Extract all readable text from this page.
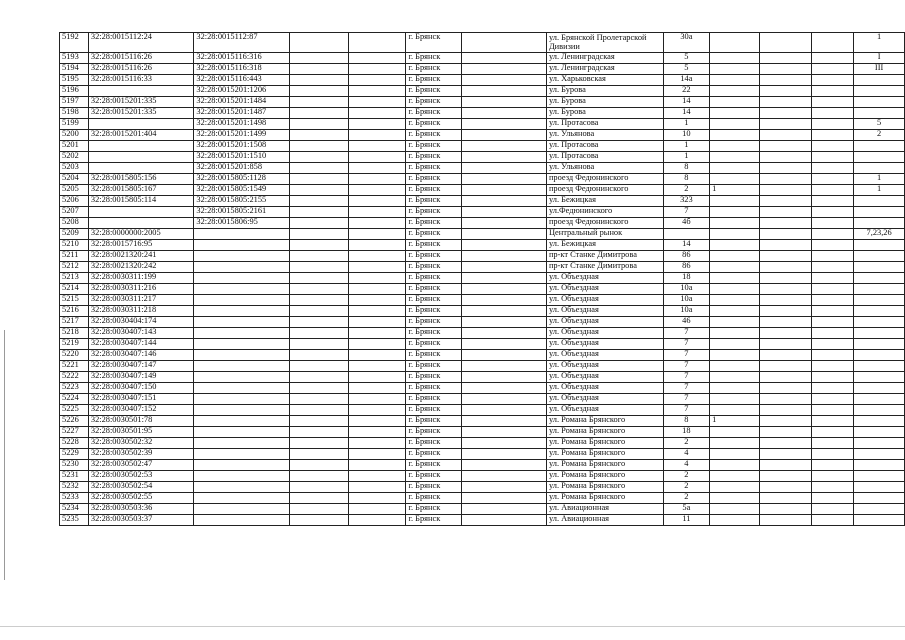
5192	32:28:0015112:24	32:28:0015112:87			г. Брянск		ул. Брянской Пролетарской Дивизии	30а				1
5193	32:28:0015116:26	32:28:0015116:316			г. Брянск		ул. Ленинградская	5				I
5194	32:28:0015116:26	32:28:0015116:318			г. Брянск		ул. Ленинградская	5				III
5195	32:28:0015116:33	32:28:0015116:443			г. Брянск		ул. Харьковская	14а				
5196		32:28:0015201:1206			г. Брянск		ул. Бурова	22				
5197	32:28:0015201:335	32:28:0015201:1484			г. Брянск		ул. Бурова	14				
5198	32:28:0015201:335	32:28:0015201:1487			г. Брянск		ул. Бурова	14				
5199		32:28:0015201:1498			г. Брянск		ул. Протасова	1				5
5200	32:28:0015201:404	32:28:0015201:1499			г. Брянск		ул. Ульянова	10				2
5201		32:28:0015201:1508			г. Брянск		ул. Протасова	1				
5202		32:28:0015201:1510			г. Брянск		ул. Протасова	1				
5203		32:28:0015201:858			г. Брянск		ул. Ульянова	8				
5204	32:28:0015805:156	32:28:0015805:1128			г. Брянск		проезд Федюнинского	8				1
5205	32:28:0015805:167	32:28:0015805:1549			г. Брянск		проезд Федюнинского	2	1			1
5206	32:28:0015805:114	32:28:0015805:2155			г. Брянск		ул. Бежицкая	323				
5207		32:28:0015805:2161			г. Брянск		ул.Федюнинского	7				
5208		32:28:0015806:95			г. Брянск		проезд Федюнинского	4б				
5209	32:28:0000000:2005				г. Брянск		Центральный рынок					7,23,26
5210	32:28:0015716:95				г. Брянск		ул. Бежицкая	14				
5211	32:28:0021320:241				г. Брянск		пр-кт Станке Димитрова	86				
5212	32:28:0021320:242				г. Брянск		пр-кт Станке Димитрова	86				
5213	32:28:0030311:199				г. Брянск		ул. Объездная	18				
5214	32:28:0030311:216				г. Брянск		ул. Объездная	10а				
5215	32:28:0030311:217				г. Брянск		ул. Объездная	10а				
5216	32:28:0030311:218				г. Брянск		ул. Объездная	10а				
5217	32:28:0030404:174				г. Брянск		ул. Объездная	46				
5218	32:28:0030407:143				г. Брянск		ул. Объездная	7				
5219	32:28:0030407:144				г. Брянск		ул. Объездная	7				
5220	32:28:0030407:146				г. Брянск		ул. Объездная	7				
5221	32:28:0030407:147				г. Брянск		ул. Объездная	7				
5222	32:28:0030407:149				г. Брянск		ул. Объездная	7				
5223	32:28:0030407:150				г. Брянск		ул. Объездная	7				
5224	32:28:0030407:151				г. Брянск		ул. Объездная	7				
5225	32:28:0030407:152				г. Брянск		ул. Объездная	7				
5226	32:28:0030501:78				г. Брянск		ул. Романа Брянского	8	1			
5227	32:28:0030501:95				г. Брянск		ул. Романа Брянского	18				
5228	32:28:0030502:32				г. Брянск		ул. Романа Брянского	2				
5229	32:28:0030502:39				г. Брянск		ул. Романа Брянского	4				
5230	32:28:0030502:47				г. Брянск		ул. Романа Брянского	4				
5231	32:28:0030502:53				г. Брянск		ул. Романа Брянского	2				
5232	32:28:0030502:54				г. Брянск		ул. Романа Брянского	2				
5233	32:28:0030502:55				г. Брянск		ул. Романа Брянского	2				
5234	32:28:0030503:36				г. Брянск		ул. Авиационная	5а				
5235	32:28:0030503:37				г. Брянск		ул. Авиационная	11				
